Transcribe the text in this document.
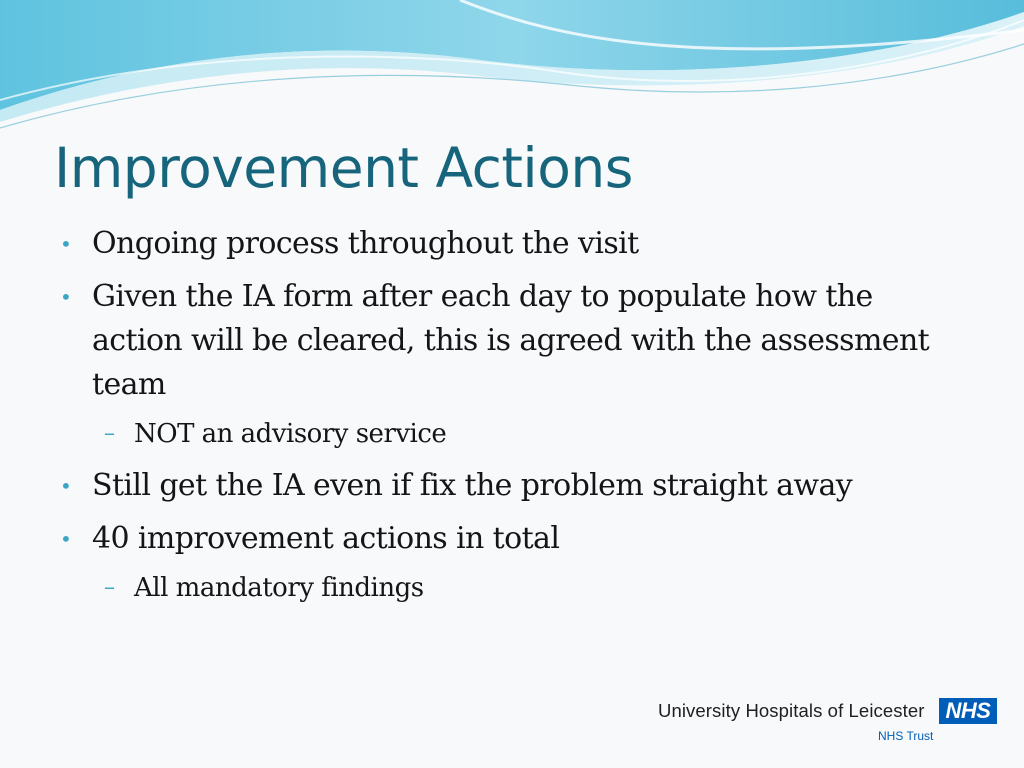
Improvement Actions
• Ongoing process throughout the visit
• Given the IA form after each day to populate how the action will be cleared, this is agreed with the assessment team
– NOT an advisory service
• Still get the IA even if fix the problem straight away
• 40 improvement actions in total
– All mandatory findings
University Hospitals of Leicester NHS
NHS Trust
